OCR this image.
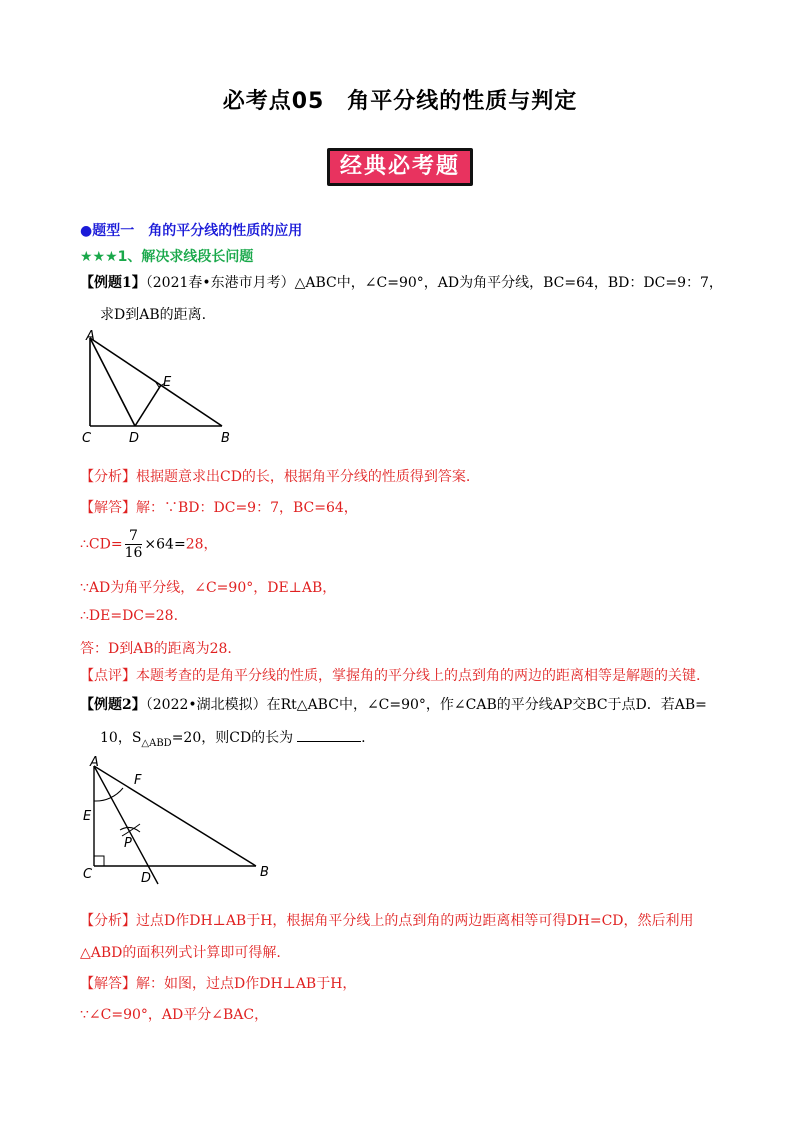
必考点05　角平分线的性质与判定
经典必考题
●题型一　角的平分线的性质的应用
★★★1、解决求线段长问题
【例题1】（2021春•东港市月考）△ABC中，∠C=90°，AD为角平分线，BC=64，BD：DC=9：7，
求D到AB的距离.
A
C	D	B
E
【分析】根据题意求出CD的长，根据角平分线的性质得到答案.
【解答】解：∵BD：DC=9：7，BC=64，
∴CD= $\frac{7}{16} \times 64=28$，
∵AD为角平分线，∠C=90°，DE⊥AB，
∴DE=DC=28.
答：D到AB的距离为28.
【点评】本题考查的是角平分线的性质，掌握角的平分线上的点到角的两边的距离相等是解题的关键.
【例题2】（2022•湖北模拟）在Rt△ABC中，∠C=90°，作∠CAB的平分线AP交BC于点D．若AB=
10，$S_{\triangle ABD}=20$，则CD的长为	.
A
F
E
P
C	D	B
【分析】过点D作DH⊥AB于H，根据角平分线上的点到角的两边距离相等可得DH=CD，然后利用
△ABD的面积列式计算即可得解.
【解答】解：如图，过点D作DH⊥AB于H，
∵∠C=90°，AD平分∠BAC，
